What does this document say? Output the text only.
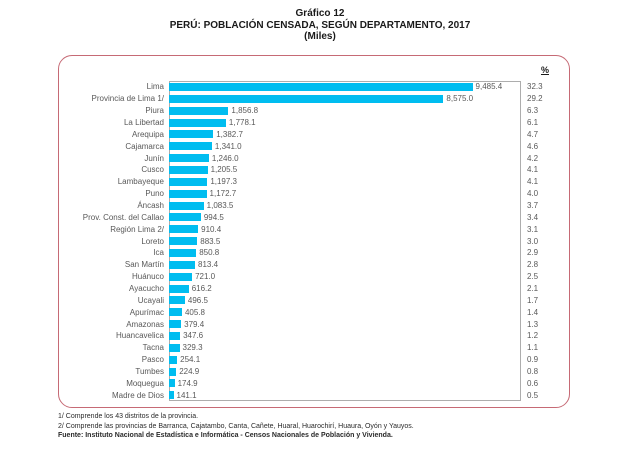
Gráfico 12
PERÚ: POBLACIÓN CENSADA, SEGÚN DEPARTAMENTO, 2017
(Miles)
%
Lima	9,485.4	32.3
Provincia de Lima 1/	8,575.0	29.2
Piura	1,856.8	6.3
La Libertad	1,778.1	6.1
Arequipa	1,382.7	4.7
Cajamarca	1,341.0	4.6
Junín	1,246.0	4.2
Cusco	1,205.5	4.1
Lambayeque	1,197.3	4.1
Puno	1,172.7	4.0
Áncash	1,083.5	3.7
Prov. Const. del Callao	994.5	3.4
Región Lima 2/	910.4	3.1
Loreto	883.5	3.0
Ica	850.8	2.9
San Martín	813.4	2.8
Huánuco	721.0	2.5
Ayacucho	616.2	2.1
Ucayali	496.5	1.7
Apurímac	405.8	1.4
Amazonas	379.4	1.3
Huancavelica	347.6	1.2
Tacna	329.3	1.1
Pasco	254.1	0.9
Tumbes	224.9	0.8
Moquegua	174.9	0.6
Madre de Dios	141.1	0.5
1/ Comprende los 43 distritos de la provincia.
2/ Comprende las provincias de Barranca, Cajatambo, Canta, Cañete, Huaral, Huarochirí, Huaura, Oyón y Yauyos.
Fuente: Instituto Nacional de Estadística e Informática - Censos Nacionales de Población y Vivienda.
